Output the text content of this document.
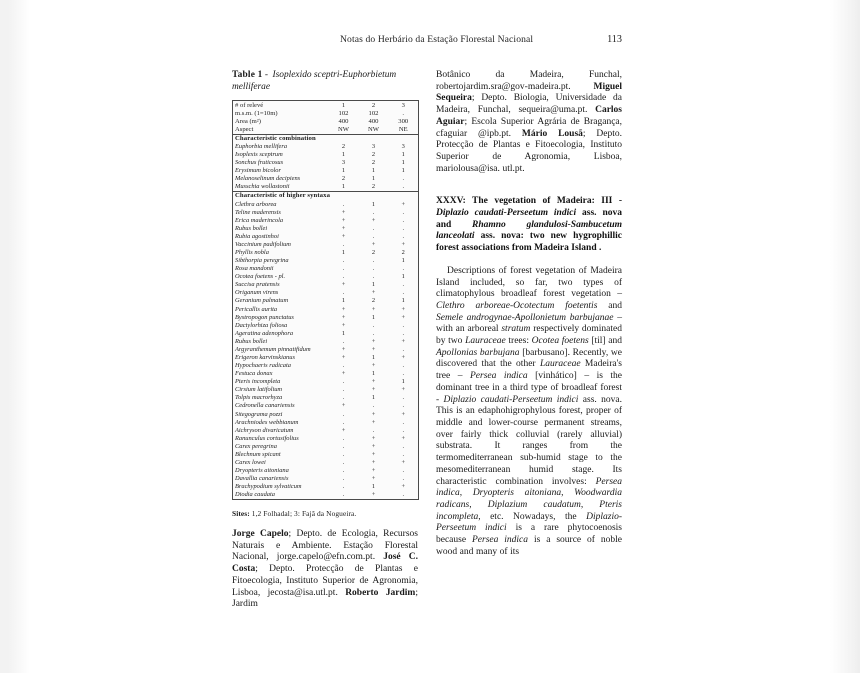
Notas do Herbário da Estação Florestal Nacional	113
Table 1 - Isoplexido sceptri-Euphorbietum melliferae
# of relevé	1	2	3
m.s.m. (1=10m)	102	102	.
Area (m²)	400	400	300
Aspect	NW	NW	NE
Characteristic combination			
Euphorbia mellifera	2	3	3
Isoplexis sceptrum	1	2	1
Sonchus fruticosus	3	2	1
Erysimum bicolor	1	1	1
Melanoselinum decipiens	2	1	.
Musschia wollastonii	1	2	.
Characteristic of higher syntaxa			
Clethra arborea	.	1	+
Teline maderensis	+	.	.
Erica maderincola	+	+	.
Rubus bollei	+	.	.
Rubia agostinhoi	+	.	.
Vaccinium padifolium	.	+	+
Phyllis nobla	1	2	2
Sibthorpia peregrina	.	.	1
Rosa mandonii	.	.	.
Ocotea foetens - pl.	.	.	1
Succisa pratensis	+	1	.
Origanum virens	.	+	.
Geranium palmatum	1	2	1
Pericallis aurita	+	+	+
Bystropogon punctatus	+	1	+
Dactylorhiza foliosa	+	.	.
Ageratina adenophora	1	.	.
Rubus bollei	.	+	+
Argyranthemum pinnatifidum	+	+	.
Erigeron karvinskianus	+	1	+
Hypochaeris radicata	.	+	.
Festuca donax	+	1	.
Pteris incompleta	.	+	1
Cirsium latifolium	.	+	+
Tolpis macrorhyza	.	1	.
Cedronella canariensis	+	.	.
Sitegograma pozzi	.	+	+
Arachniodes webbianum	.	+	.
Aichryson divaricatum	+	.	.
Ranunculus cortusifolius	.	+	+
Carex peregrina	.	+	.
Blechnum spicant	.	+	.
Carex lowei	.	+	+
Dryopteris aitoniana	.	+	.
Davallia canariensis	.	+	.
Brachypodium sylvaticum	.	1	+
Diodia caudata	.	+	.
Sites: 1,2 Folhadal; 3: Fajã da Nogueira.

Jorge Capelo; Depto. de Ecologia, Recursos Naturais e Ambiente. Estação Florestal Nacional, jorge.capelo@efn.com.pt. José C. Costa; Depto. Protecção de Plantas e Fitoecologia, Instituto Superior de Agronomia, Lisboa, jecosta@isa.utl.pt. Roberto Jardim; Jardim

Botânico da Madeira, Funchal, robertojardim.sra@gov-madeira.pt. Miguel Sequeira; Depto. Biologia, Universidade da Madeira, Funchal, sequeira@uma.pt. Carlos Aguiar; Escola Superior Agrária de Bragança, cfaguiar @ipb.pt. Mário Lousã; Depto. Protecção de Plantas e Fitoecologia, Instituto Superior de Agronomia, Lisboa, mariolousa@isa. utl.pt.

XXXV: The vegetation of Madeira: III - Diplazio caudati-Perseetum indici ass. nova and Rhamno glandulosi-Sambucetum lanceolati ass. nova: two new hygrophillic forest associations from Madeira Island .

Descriptions of forest vegetation of Madeira Island included, so far, two types of climatophylous broadleaf forest vegetation – Clethro arboreae-Ocotectum foetentis and Semele androgynae-Apollonietum barbujanae – with an arboreal stratum respectively dominated by two Lauraceae trees: Ocotea foetens [til] and Apollonias barbujana [barbusano]. Recently, we discovered that the other Lauraceae Madeira's tree – Persea indica [vinhático] – is the dominant tree in a third type of broadleaf forest - Diplazio caudati-Perseetum indici ass. nova. This is an edaphohigrophylous forest, proper of middle and lower-course permanent streams, over fairly thick colluvial (rarely alluvial) substrata. It ranges from the termomediterranean sub-humid stage to the mesomediterranean humid stage. Its characteristic combination involves: Persea indica, Dryopteris aitoniana, Woodwardia radicans, Diplazium caudatum, Pteris incompleta, etc. Nowadays, the Diplazio-Perseetum indici is a rare phytocoenosis because Persea indica is a source of noble wood and many of its
